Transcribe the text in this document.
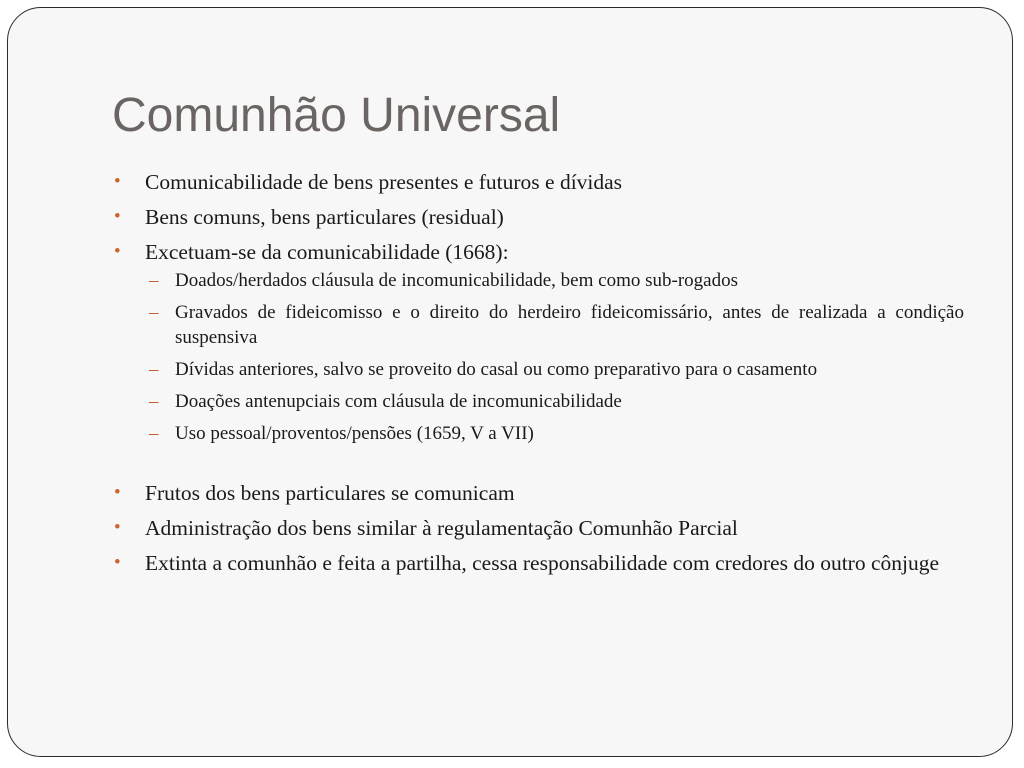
Comunhão Universal
• Comunicabilidade de bens presentes e futuros e dívidas
• Bens comuns, bens particulares (residual)
• Excetuam-se da comunicabilidade (1668):
– Doados/herdados cláusula de incomunicabilidade, bem como sub-rogados
– Gravados de fideicomisso e o direito do herdeiro fideicomissário, antes de realizada a condição suspensiva
– Dívidas anteriores, salvo se proveito do casal ou como preparativo para o casamento
– Doações antenupciais com cláusula de incomunicabilidade
– Uso pessoal/proventos/pensões (1659, V a VII)
• Frutos dos bens particulares se comunicam
• Administração dos bens similar à regulamentação Comunhão Parcial
• Extinta a comunhão e feita a partilha, cessa responsabilidade com credores do outro cônjuge
